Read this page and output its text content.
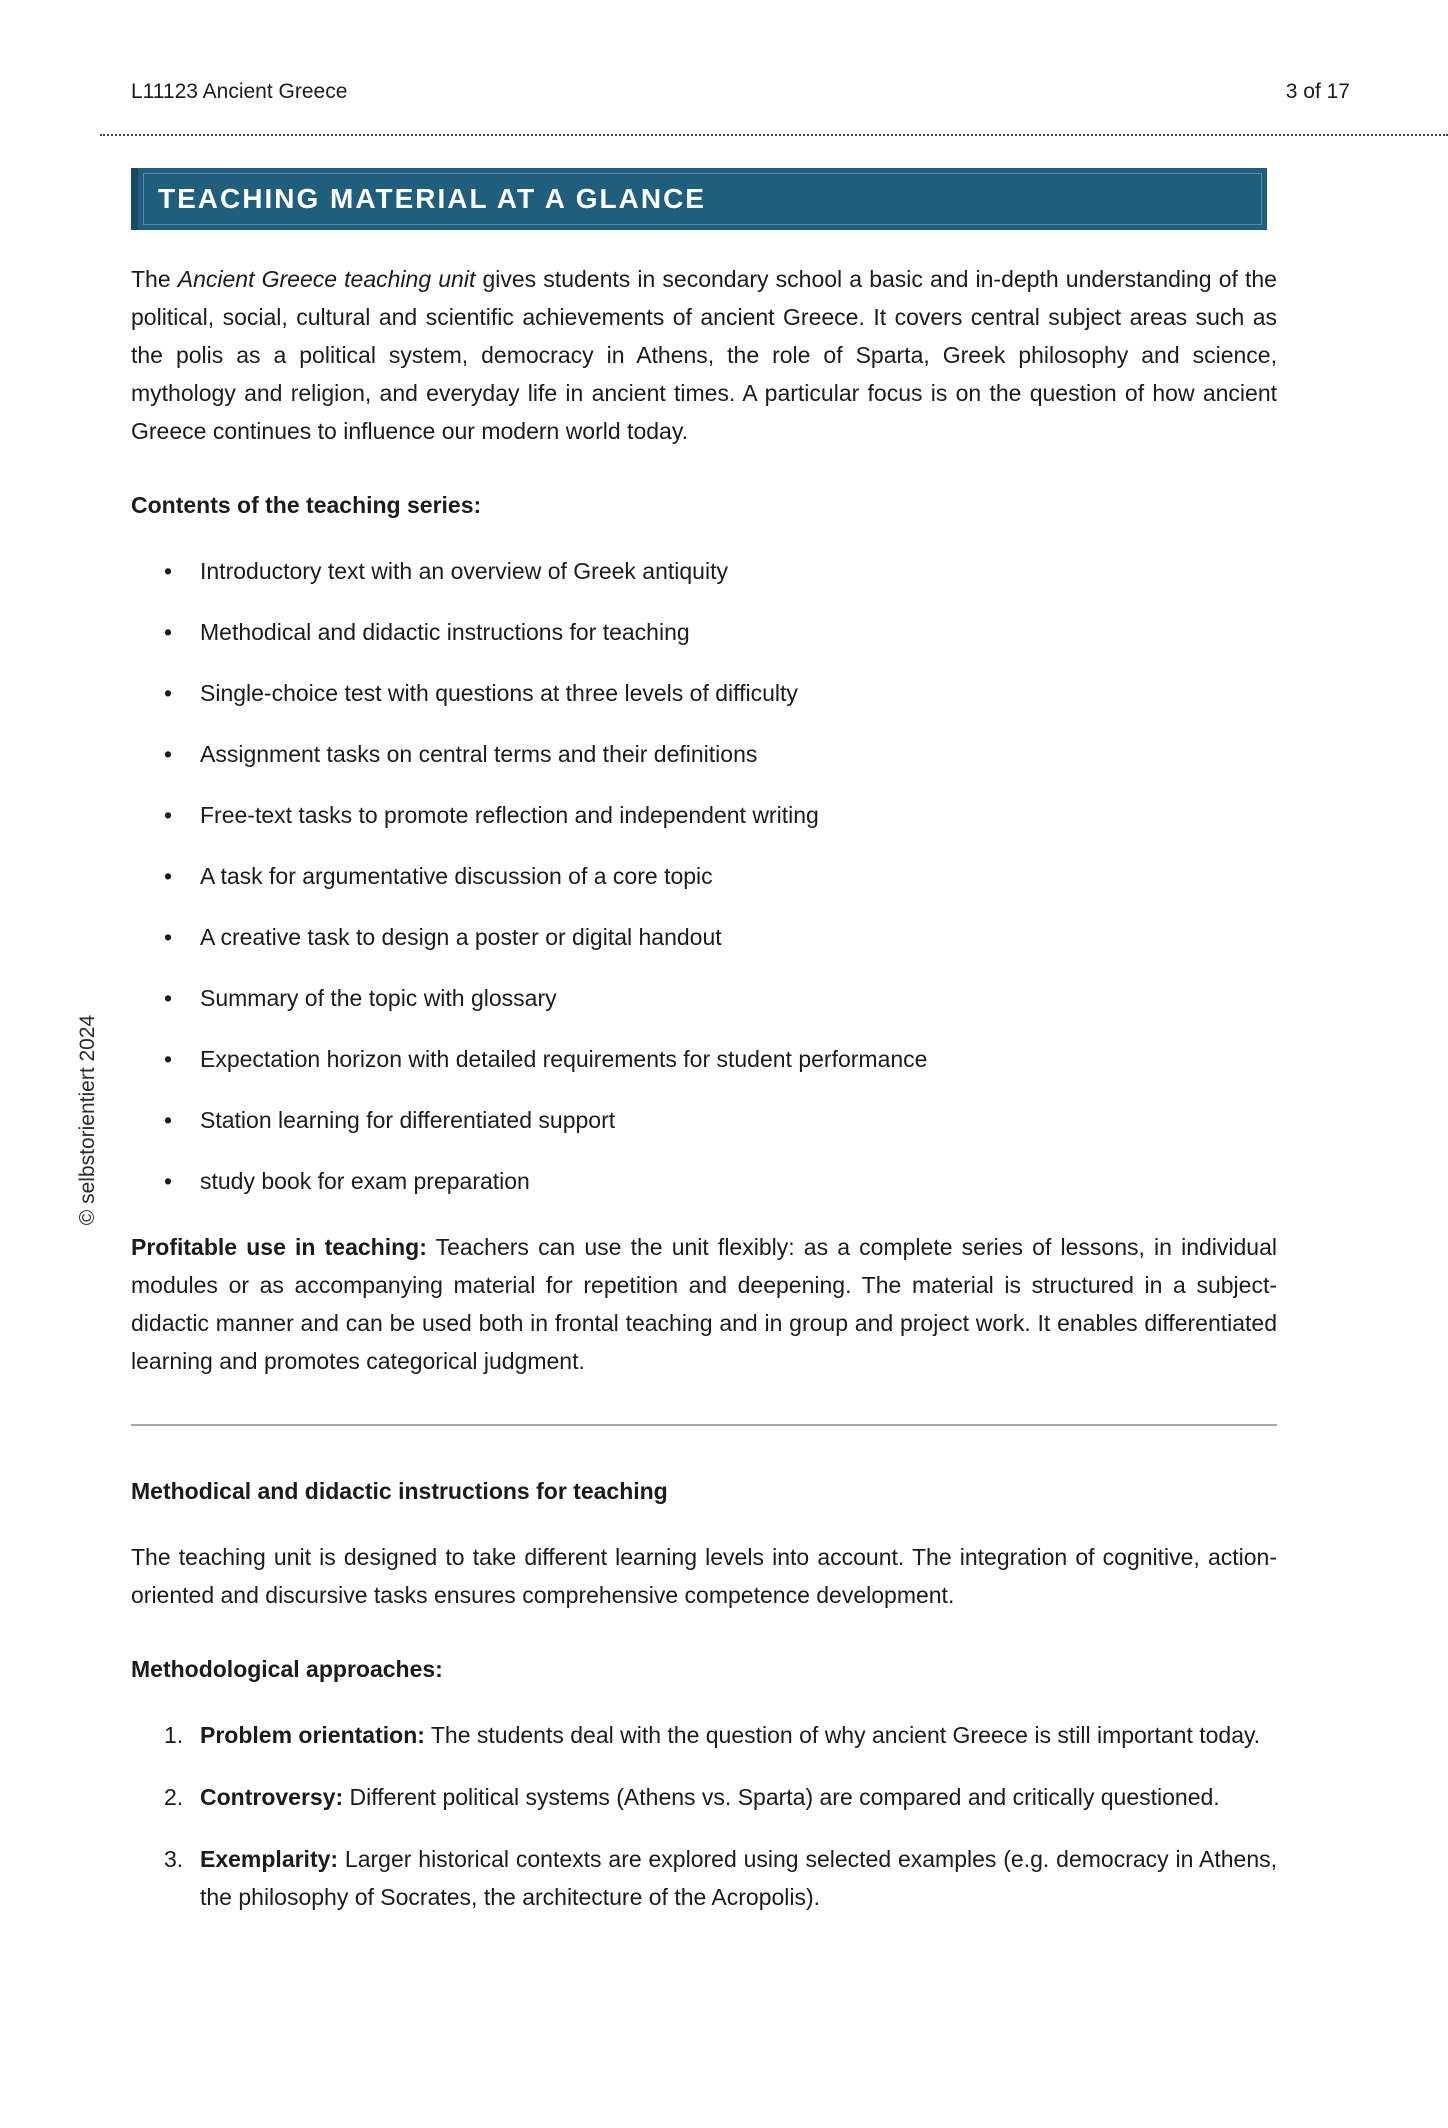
L11123 Ancient Greece	3 of 17
TEACHING MATERIAL AT A GLANCE

The Ancient Greece teaching unit gives students in secondary school a basic and in-depth understanding of the political, social, cultural and scientific achievements of ancient Greece. It covers central subject areas such as the polis as a political system, democracy in Athens, the role of Sparta, Greek philosophy and science, mythology and religion, and everyday life in ancient times. A particular focus is on the question of how ancient Greece continues to influence our modern world today.

Contents of the teaching series:

• Introductory text with an overview of Greek antiquity
• Methodical and didactic instructions for teaching
• Single-choice test with questions at three levels of difficulty
• Assignment tasks on central terms and their definitions
• Free-text tasks to promote reflection and independent writing
• A task for argumentative discussion of a core topic
• A creative task to design a poster or digital handout
• Summary of the topic with glossary
• Expectation horizon with detailed requirements for student performance
• Station learning for differentiated support
• study book for exam preparation

Profitable use in teaching: Teachers can use the unit flexibly: as a complete series of lessons, in individual modules or as accompanying material for repetition and deepening. The material is structured in a subject-didactic manner and can be used both in frontal teaching and in group and project work. It enables differentiated learning and promotes categorical judgment.

Methodical and didactic instructions for teaching

The teaching unit is designed to take different learning levels into account. The integration of cognitive, action-oriented and discursive tasks ensures comprehensive competence development.

Methodological approaches:

Problem orientation: The students deal with the question of why ancient Greece is still important today.
Controversy: Different political systems (Athens vs. Sparta) are compared and critically questioned.
Exemplarity: Larger historical contexts are explored using selected examples (e.g. democracy in Athens, the philosophy of Socrates, the architecture of the Acropolis).
© selbstorientiert 2024
